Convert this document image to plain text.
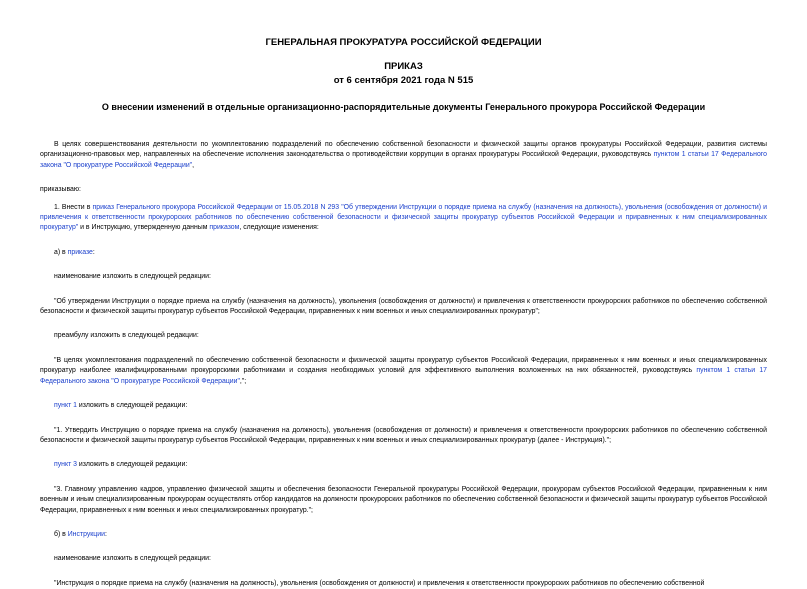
ГЕНЕРАЛЬНАЯ ПРОКУРАТУРА РОССИЙСКОЙ ФЕДЕРАЦИИ

ПРИКАЗ

от 6 сентября 2021 года N 515

О внесении изменений в отдельные организационно-распорядительные документы Генерального прокурора Российской Федерации

В целях совершенствования деятельности по укомплектованию подразделений по обеспечению собственной безопасности и физической защиты органов прокуратуры Российской Федерации, развития системы организационно-правовых мер, направленных на обеспечение исполнения законодательства о противодействии коррупции в органах прокуратуры Российской Федерации, руководствуясь пунктом 1 статьи 17 Федерального закона "О прокуратуре Российской Федерации",

приказываю:

1. Внести в приказ Генерального прокурора Российской Федерации от 15.05.2018 N 293 "Об утверждении Инструкции о порядке приема на службу (назначения на должность), увольнения (освобождения от должности) и привлечения к ответственности прокурорских работников по обеспечению собственной безопасности и физической защиты прокуратур субъектов Российской Федерации и приравненных к ним специализированных прокуратур" и в Инструкцию, утвержденную данным приказом, следующие изменения:

а) в приказе:

наименование изложить в следующей редакции:

"Об утверждении Инструкции о порядке приема на службу (назначения на должность), увольнения (освобождения от должности) и привлечения к ответственности прокурорских работников по обеспечению собственной безопасности и физической защиты прокуратур субъектов Российской Федерации, приравненных к ним военных и иных специализированных прокуратур";

преамбулу изложить в следующей редакции:

"В целях укомплектования подразделений по обеспечению собственной безопасности и физической защиты прокуратур субъектов Российской Федерации, приравненных к ним военных и иных специализированных прокуратур наиболее квалифицированными прокурорскими работниками и создания необходимых условий для эффективного выполнения возложенных на них обязанностей, руководствуясь пунктом 1 статьи 17 Федерального закона "О прокуратуре Российской Федерации",";

пункт 1 изложить в следующей редакции:

"1. Утвердить Инструкцию о порядке приема на службу (назначения на должность), увольнения (освобождения от должности) и привлечения к ответственности прокурорских работников по обеспечению собственной безопасности и физической защиты прокуратур субъектов Российской Федерации, приравненных к ним военных и иных специализированных прокуратур (далее - Инструкция).";

пункт 3 изложить в следующей редакции:

"3. Главному управлению кадров, управлению физической защиты и обеспечения безопасности Генеральной прокуратуры Российской Федерации, прокурорам субъектов Российской Федерации, приравненным к ним военным и иным специализированным прокурорам осуществлять отбор кандидатов на должности прокурорских работников по обеспечению собственной безопасности и физической защиты прокуратур субъектов Российской Федерации, приравненных к ним военных и иных специализированных прокуратур.";

б) в Инструкции:

наименование изложить в следующей редакции:

"Инструкция о порядке приема на службу (назначения на должность), увольнения (освобождения от должности) и привлечения к ответственности прокурорских работников по обеспечению собственной
